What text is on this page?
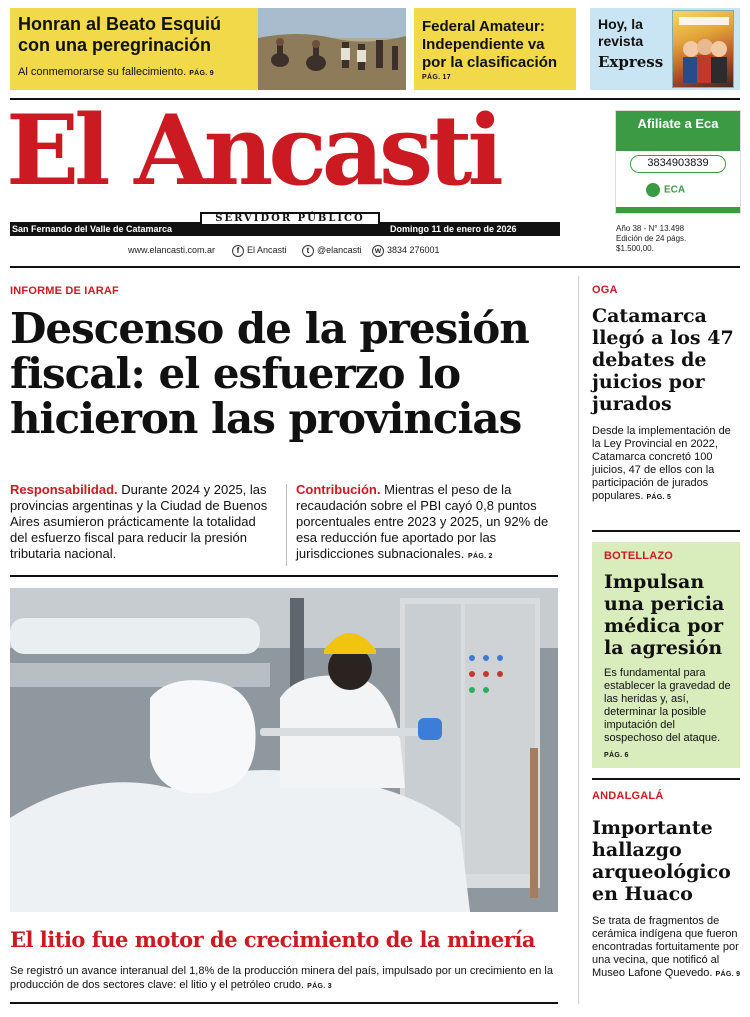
Honran al Beato Esquiú con una peregrinación
Al conmemorarse su fallecimiento. PÁG. 9
Federal Amateur: Independiente va por la clasificación
PÁG. 17
Hoy, la revista
Express
El Ancasti
San Fernando del Valle de Catamarca	Domingo 11 de enero de 2026
SERVIDOR PÚBLICO
www.elancasti.com.ar	f El Ancasti	t @elancasti	w 3834 276001
Afiliate a Eca
3834903839
ECA
Año 38 - N° 13.498
Edición de 24 págs.
$1.500,00.
INFORME DE IARAF
Descenso de la presión fiscal: el esfuerzo lo hicieron las provincias
Responsabilidad. Durante 2024 y 2025, las provincias argentinas y la Ciudad de Buenos Aires asumieron prácticamente la totalidad del esfuerzo fiscal para reducir la presión tributaria nacional.
Contribución. Mientras el peso de la recaudación sobre el PBI cayó 0,8 puntos porcentuales entre 2023 y 2025, un 92% de esa reducción fue aportado por las jurisdicciones subnacionales. PÁG. 2
El litio fue motor de crecimiento de la minería
Se registró un avance interanual del 1,8% de la producción minera del país, impulsado por un crecimiento en la producción de dos sectores clave: el litio y el petróleo crudo. PÁG. 3
OGA
Catamarca llegó a los 47 debates de juicios por jurados
Desde la implementación de la Ley Provincial en 2022, Catamarca concretó 100 juicios, 47 de ellos con la participación de jurados populares. PÁG. 5
BOTELLAZO
Impulsan una pericia médica por la agresión
Es fundamental para establecer la gravedad de las heridas y, así, determinar la posible imputación del sospechoso del ataque.
PÁG. 6
ANDALGALÁ
Importante hallazgo arqueológico en Huaco
Se trata de fragmentos de cerámica indígena que fueron encontradas fortuitamente por una vecina, que notificó al Museo Lafone Quevedo. PÁG. 9
